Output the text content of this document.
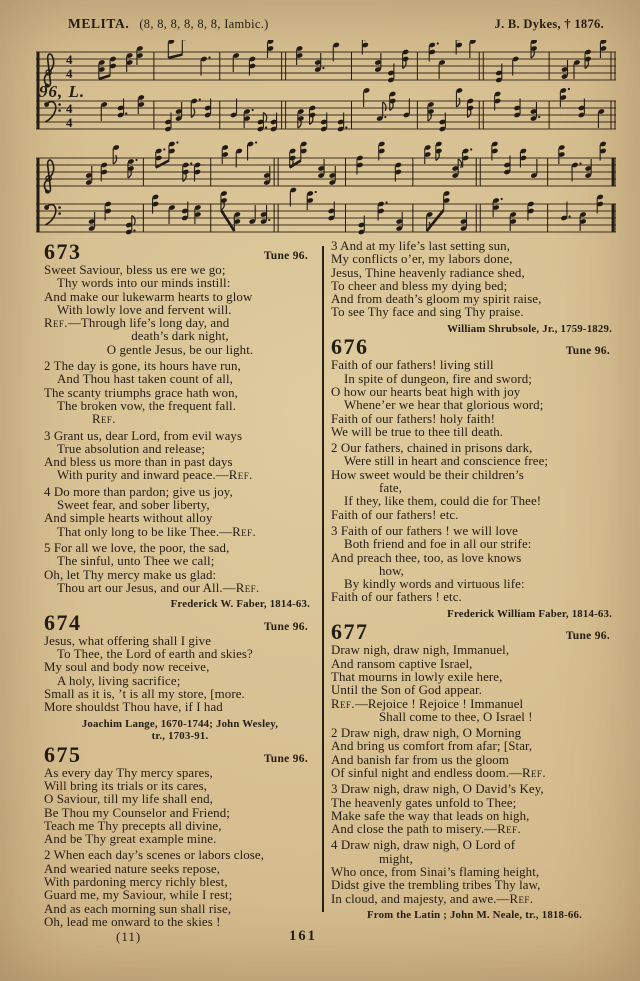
MELITA. (8, 8, 8, 8, 8, 8, Iambic.)	J. B. Dykes, † 1876.
4
4
4
4
96, L.
673	Tune 96.
Sweet Saviour, bless us ere we go;
Thy words into our minds instill:
And make our lukewarm hearts to glow
With lowly love and fervent will.
Ref.—Through life’s long day, and
death’s dark night,
O gentle Jesus, be our light.
2 The day is gone, its hours have run,
And Thou hast taken count of all,
The scanty triumphs grace hath won,
The broken vow, the frequent fall.
Ref.
3 Grant us, dear Lord, from evil ways
True absolution and release;
And bless us more than in past days
With purity and inward peace.—Ref.
4 Do more than pardon; give us joy,
Sweet fear, and sober liberty,
And simple hearts without alloy
That only long to be like Thee.—Ref.
5 For all we love, the poor, the sad,
The sinful, unto Thee we call;
Oh, let Thy mercy make us glad:
Thou art our Jesus, and our All.—Ref.
Frederick W. Faber, 1814-63.
674	Tune 96.
Jesus, what offering shall I give
To Thee, the Lord of earth and skies?
My soul and body now receive,
A holy, living sacrifice;
Small as it is, ’t is all my store, [more.
More shouldst Thou have, if I had
Joachim Lange, 1670-1744; John Wesley,
tr., 1703-91.
675	Tune 96.
As every day Thy mercy spares,
Will bring its trials or its cares,
O Saviour, till my life shall end,
Be Thou my Counselor and Friend;
Teach me Thy precepts all divine,
And be Thy great example mine.
2 When each day’s scenes or labors close,
And wearied nature seeks repose,
With pardoning mercy richly blest,
Guard me, my Saviour, while I rest;
And as each morning sun shall rise,
Oh, lead me onward to the skies !
3 And at my life’s last setting sun,
My conflicts o’er, my labors done,
Jesus, Thine heavenly radiance shed,
To cheer and bless my dying bed;
And from death’s gloom my spirit raise,
To see Thy face and sing Thy praise.
William Shrubsole, Jr., 1759-1829.
676	Tune 96.
Faith of our fathers! living still
In spite of dungeon, fire and sword;
O how our hearts beat high with joy
Whene’er we hear that glorious word;
Faith of our fathers! holy faith!
We will be true to thee till death.
2 Our fathers, chained in prisons dark,
Were still in heart and conscience free;
How sweet would be their children’s
fate,
If they, like them, could die for Thee!
Faith of our fathers! etc.
3 Faith of our fathers ! we will love
Both friend and foe in all our strife:
And preach thee, too, as love knows
how,
By kindly words and virtuous life:
Faith of our fathers ! etc.
Frederick William Faber, 1814-63.
677	Tune 96.
Draw nigh, draw nigh, Immanuel,
And ransom captive Israel,
That mourns in lowly exile here,
Until the Son of God appear.
Ref.—Rejoice ! Rejoice ! Immanuel
Shall come to thee, O Israel !
2 Draw nigh, draw nigh, O Morning
And bring us comfort from afar; [Star,
And banish far from us the gloom
Of sinful night and endless doom.—Ref.
3 Draw nigh, draw nigh, O David’s Key,
The heavenly gates unfold to Thee;
Make safe the way that leads on high,
And close the path to misery.—Ref.
4 Draw nigh, draw nigh, O Lord of
might,
Who once, from Sinai’s flaming height,
Didst give the trembling tribes Thy law,
In cloud, and majesty, and awe.—Ref.
From the Latin ; John M. Neale, tr., 1818-66.
(11)	161
